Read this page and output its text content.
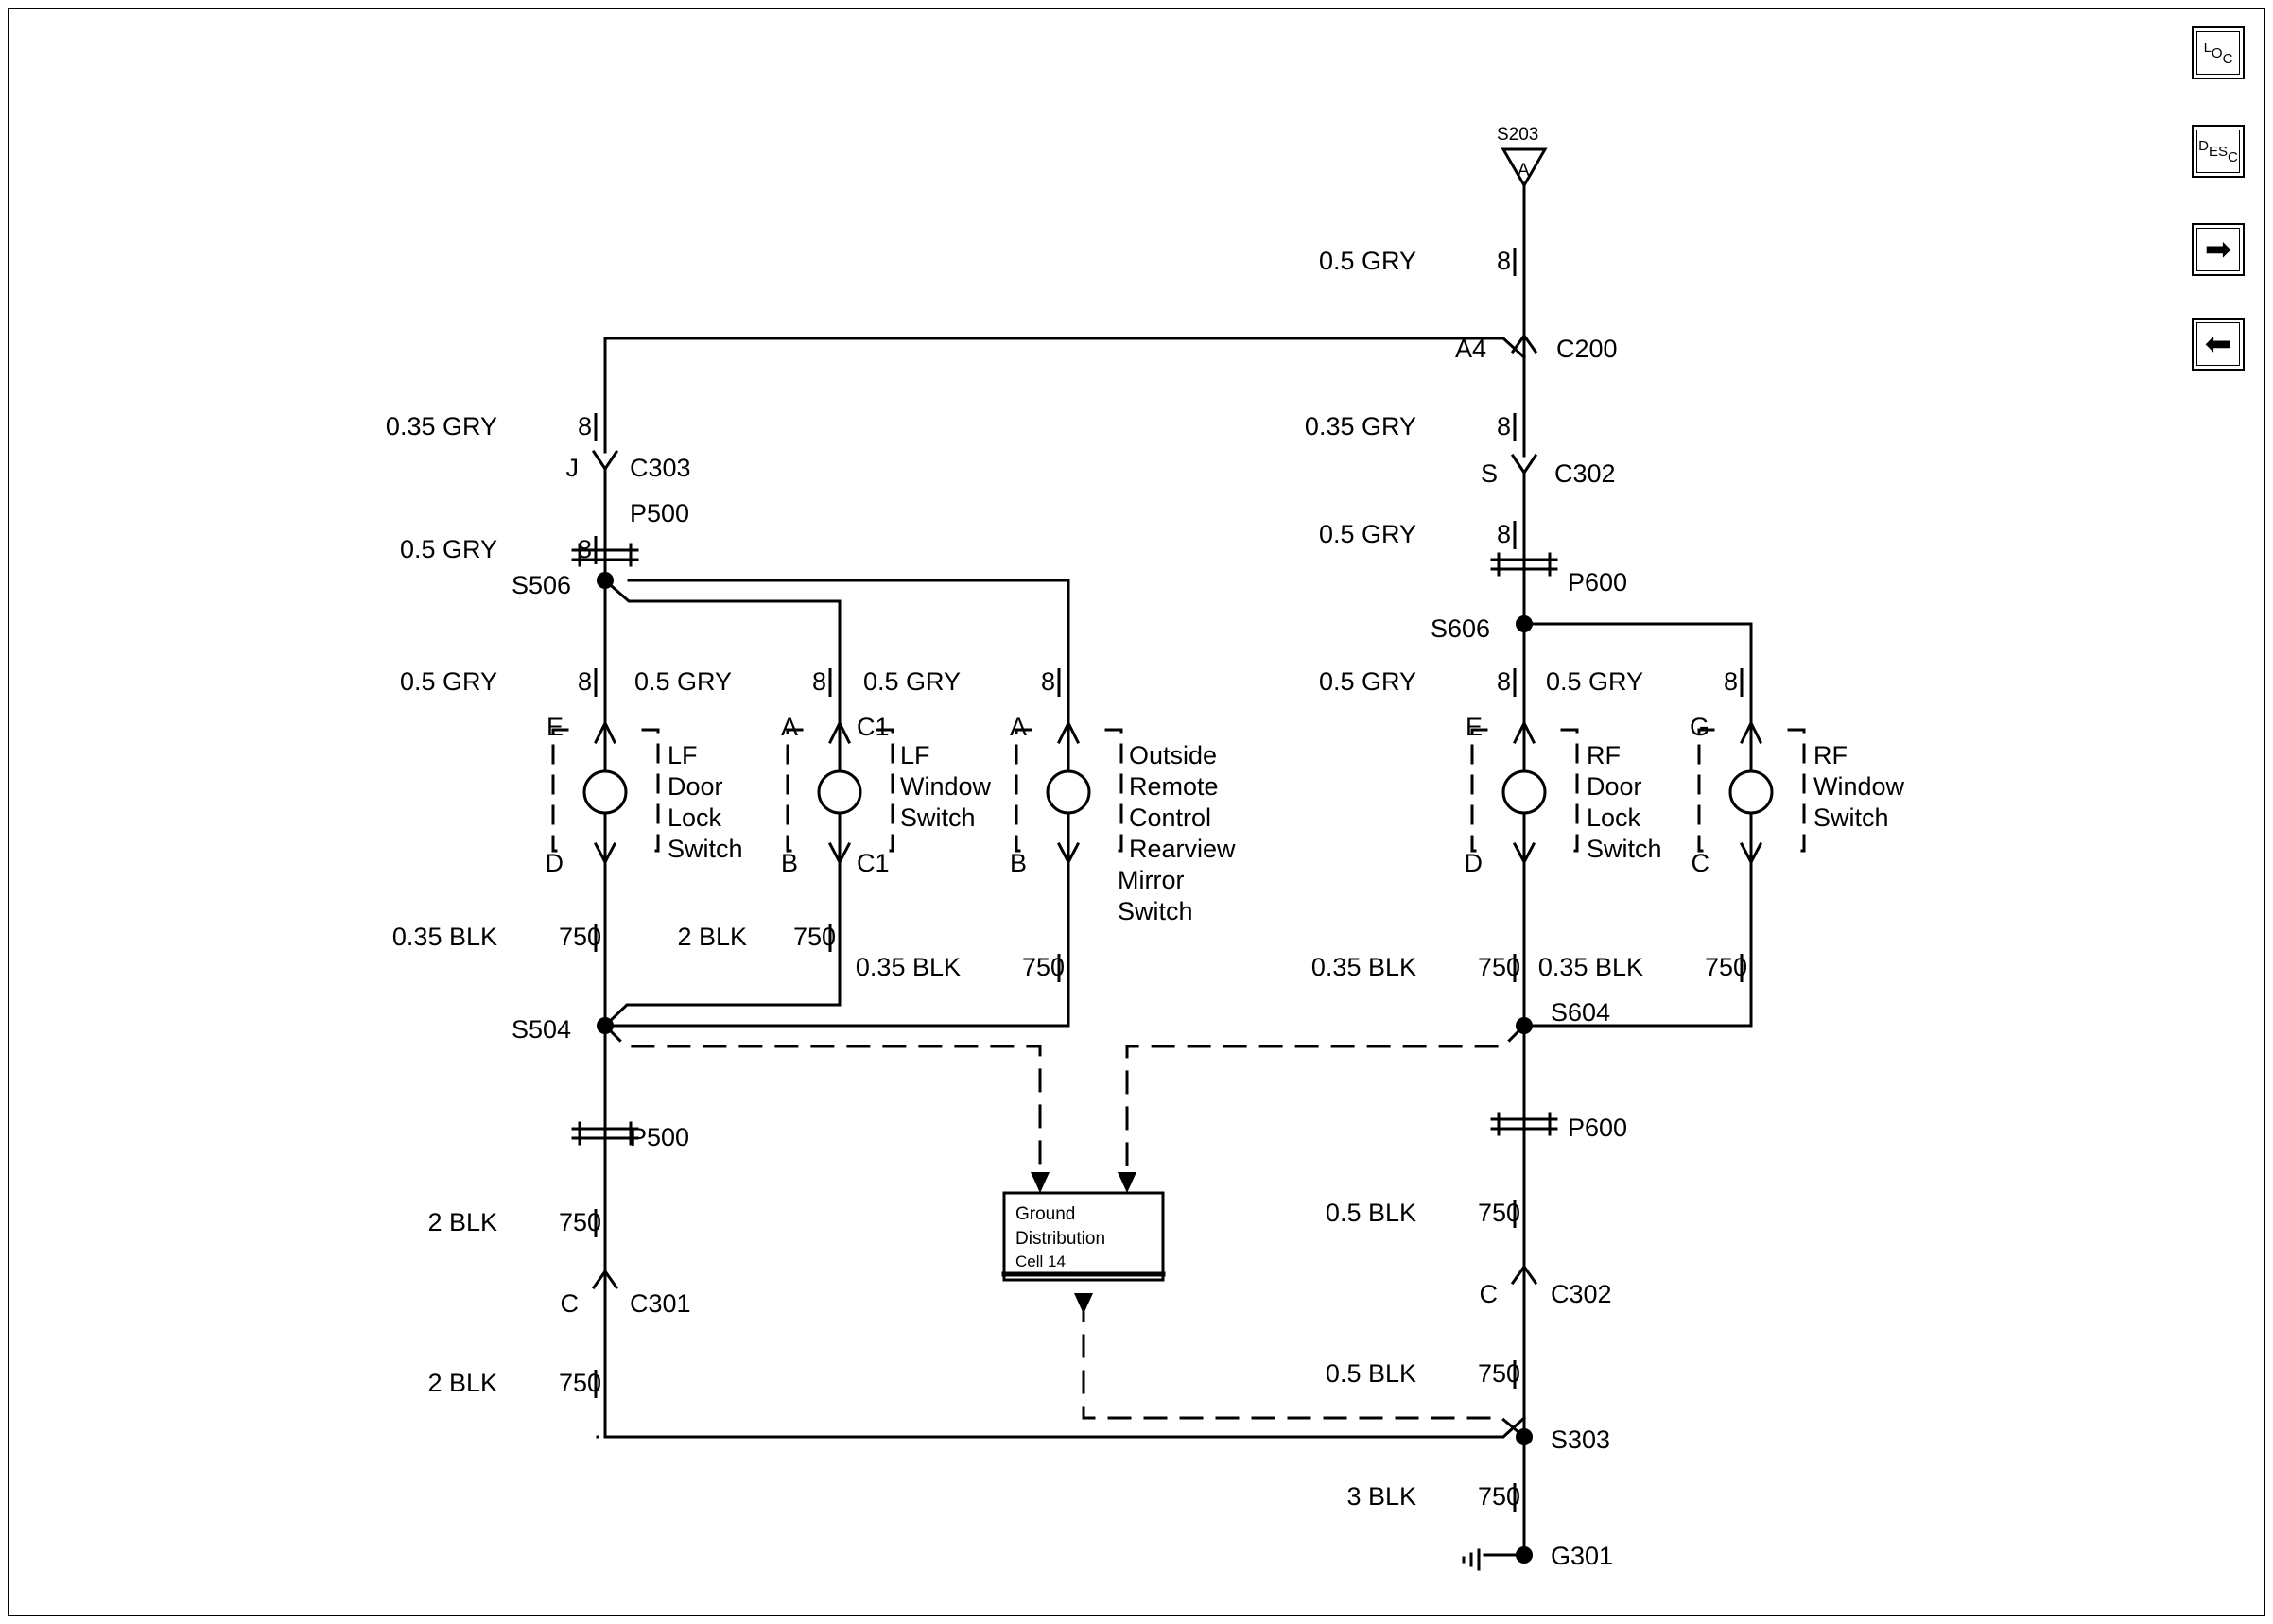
S203
A
0.5 GRY	8
A4	C200
0.35 GRY	8	0.35 GRY	8
J C303	S C302
P500
P600
0.5 GRY	8
0.5 GRY	8
S506
S606
0.5 GRY	8 0.5 GRY	8 0.5 GRY	8	0.5 GRY	8 0.5 GRY	8
E
D
A C1
B C1
A
B
E
D
G
C
LF
Door
Lock
Switch
LF
Window
Switch
Outside
Remote
Control
Rearview
Mirror
Switch
RF
Door
Lock
Switch
RF
Window
Switch
0.35 BLK 750	2 BLK 750
0.35 BLK 750	0.35 BLK 750 0.35 BLK 750
S504
S604
P500	P600
2 BLK 750	0.5 BLK 750
C C301	C C302
2 BLK 750	0.5 BLK 750
S303
3 BLK 750
G301
Ground
Distribution
Cell 14
LOC
DESC
➡
⬅
